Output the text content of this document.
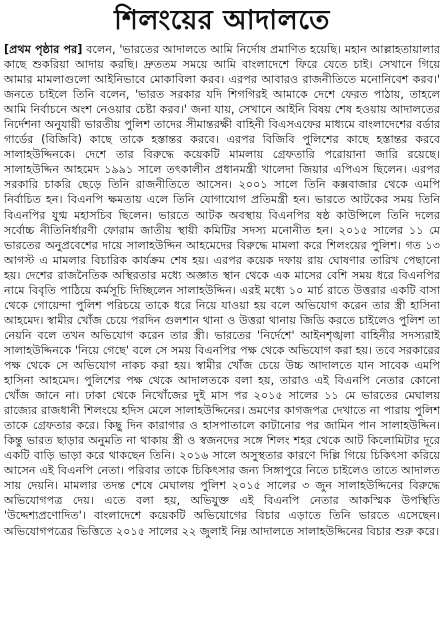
শিলংয়ের আদালতে

[প্রথম পৃষ্ঠার পর] বলেন, 'ভারতের আদালতে আমি নির্দোষ প্রমাণিত হয়েছি। মহান আল্লাহতায়ালার কাছে শুকরিয়া আদায় করছি। দ্রুততম সময়ে আমি বাংলাদেশে ফিরে যেতে চাই। সেখানে গিয়ে আমার মামলাগুলো আইনিভাবে মোকাবিলা করব। এরপর আবারও রাজনীতিতে মনোনিবেশ করব।' জনতে চাইলে তিনি বলেন, 'ভারত সরকার যদি শিগগিরই আমাকে দেশে ফেরত পাঠায়, তাহলে আমি নির্বাচনে অংশ নেওয়ার চেষ্টা করব।' জনা যায়, সেখানে আইনি বিষয় শেষ হওয়ায় আদালতের নির্দেশনা অনুযায়ী ভারতীয় পুলিশ তাদের সীমান্তরক্ষী বাহিনী বিএসএফের মাধ্যমে বাংলাদেশের বর্ডার গার্ডের (বিজিবি) কাছে তাকে হস্তান্তর করবে। এরপর বিজিবি পুলিশের কাছে হস্তান্তর করবে সালাহউদ্দিনকে। দেশে তার বিরুদ্ধে কয়েকটি মামলায় গ্রেফতারি পরোয়ানা জারি রয়েছে। সালাহউদ্দিন আহমেদ ১৯৯১ সালে তৎকালীন প্রধানমন্ত্রী খালেদা জিয়ার এপিএস ছিলেন। এরপর সরকারি চাকরি ছেড়ে তিনি রাজনীতিতে আসেন। ২০০১ সালে তিনি কক্সবাজার থেকে এমপি নির্বাচিত হন। বিএনপি ক্ষমতায় এলে তিনি যোগাযোগ প্রতিমন্ত্রী হন। ভারতে আটকের সময় তিনি বিএনপির যুগ্ম মহাসচিব ছিলেন। ভারতে আটক অবস্থায় বিএনপির ষষ্ঠ কাউন্সিলে তিনি দলের সর্বোচ্চ নীতিনির্ধারণী ফোরাম জাতীয় স্থায়ী কমিটির সদস্য মনোনীত হন। ২০১৫ সালের ১১ মে ভারতের অনুপ্রবেশের দায়ে সালাহউদ্দিন আহমেদের বিরুদ্ধে মামলা করে শিলংয়ের পুলিশ। গত ১৩ আগস্ট এ মামলার বিচারিক কার্যক্রম শেষ হয়। এরপর কয়েক দফায় রায় ঘোষণার তারিখ পেছানো হয়। দেশের রাজনৈতিক অস্থিরতার মধ্যে অজ্ঞাত স্থান থেকে এক মাসের বেশি সময় ধরে বিএনপির নামে বিবৃতি পাঠিয়ে কর্মসূচি দিচ্ছিলেন সালাহউদ্দিন। এরই মধ্যে ১০ মার্চ রাতে উত্তরার একটি বাসা থেকে গোয়েন্দা পুলিশ পরিচয়ে তাকে ধরে নিয়ে যাওয়া হয় বলে অভিযোগ করেন তার স্ত্রী হাসিনা আহমেদ। স্বামীর খোঁজ চেয়ে পরদিন গুলশান থানা ও উত্তরা থানায় জিডি করতে চাইলেও পুলিশ তা নেয়নি বলে তখন অভিযোগ করেন তার স্ত্রী। ভারতের 'নির্দেশে' আইনশৃঙ্খলা বাহিনীর সদস্যরাই সালাহউদ্দিনকে 'নিয়ে গেছে' বলে সে সময় বিএনপির পক্ষ থেকে অভিযোগ করা হয়। তবে সরকারের পক্ষ থেকে সে অভিযোগ নাকচ করা হয়। স্বামীর খোঁজ চেয়ে উচ্চ আদালতে যান সাবেক এমপি হাসিনা আহমেদ। পুলিশের পক্ষ থেকে আদালতকে বলা হয়, তারাও এই বিএনপি নেতার কোনো খোঁজ জানে না। ঢাকা থেকে নিখোঁজের দুই মাস পর ২০১৫ সালের ১১ মে ভারতের মেঘালয় রাজ্যের রাজধানী শিলংয়ে হদিস মেলে সালাহউদ্দিনের। ভ্রমণের কাগজপত্র দেখাতে না পারায় পুলিশ তাকে গ্রেফতার করে। কিছু দিন কারাগার ও হাসপাতালে কাটানোর পর জামিন পান সালাহউদ্দিন। কিন্তু ভারত ছাড়ার অনুমতি না থাকায় স্ত্রী ও স্বজনদের সঙ্গে শিলং শহর থেকে আট কিলোমিটার দূরে একটি বাড়ি ভাড়া করে থাকছেন তিনি। ২০১৬ সালে অসুস্থতার কারণে দিল্লি গিয়ে চিকিৎসা করিয়ে আসেন এই বিএনপি নেতা। পরিবার তাকে চিকিৎসার জন্য সিঙ্গাপুরে নিতে চাইলেও তাতে আদালত সায় দেয়নি। মামলার তদন্ত শেষে মেঘালয় পুলিশ ২০১৫ সালের ৩ জুন সালাহউদ্দিনের বিরুদ্ধে অভিযোগপত্র দেয়। এতে বলা হয়, অভিযুক্ত এই বিএনপি নেতার আকস্মিক উপস্থিতি 'উদ্দেশ্যপ্রণোদিত'। বাংলাদেশে কয়েকটি অভিযোগের বিচার এড়াতে তিনি ভারতে এসেছেন। অভিযোগপত্রের ভিত্তিতে ২০১৫ সালের ২২ জুলাই নিম্ন আদালতে সালাহউদ্দিনের বিচার শুরু করে।
